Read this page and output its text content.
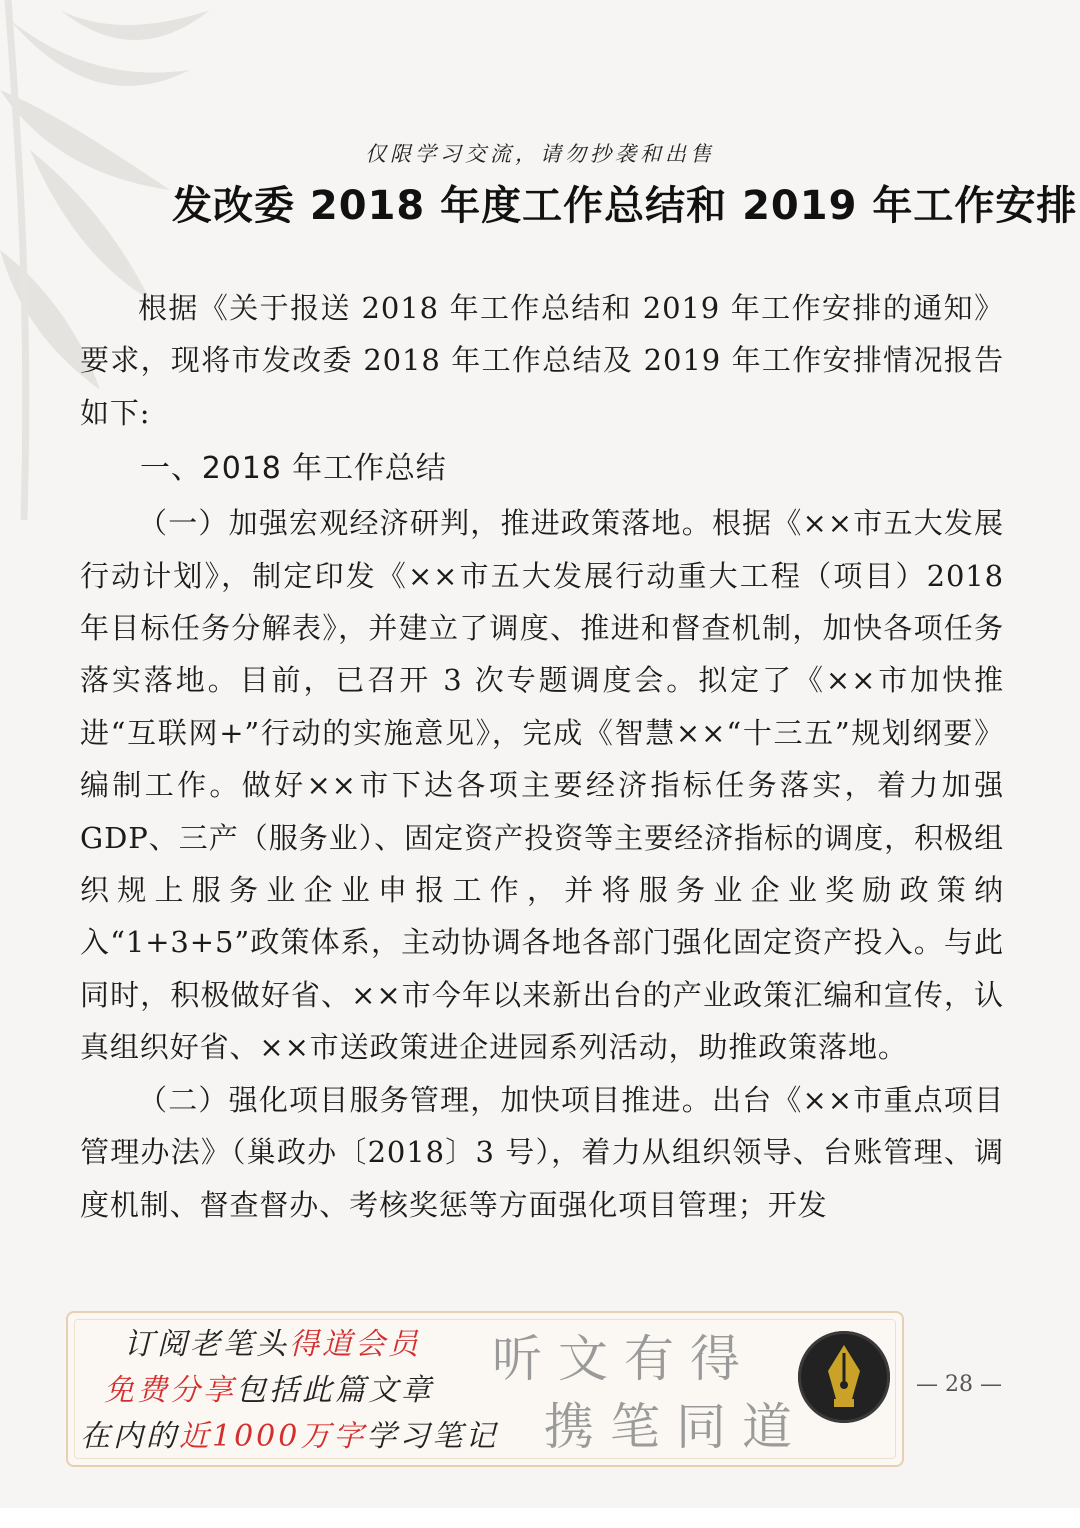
仅限学习交流，请勿抄袭和出售
发改委 2018 年度工作总结和 2019 年工作安排

根据《关于报送 2018 年工作总结和 2019 年工作安排的通知》要求，现将市发改委 2018 年工作总结及 2019 年工作安排情况报告如下:

一、2018 年工作总结

（一）加强宏观经济研判，推进政策落地。根据《××市五大发展行动计划》，制定印发《××市五大发展行动重大工程（项目）2018 年目标任务分解表》，并建立了调度、推进和督查机制，加快各项任务落实落地。目前，已召开 3 次专题调度会。拟定了《××市加快推进“互联网+”行动的实施意见》，完成《智慧××“十三五”规划纲要》编制工作。做好××市下达各项主要经济指标任务落实，着力加强 GDP、三产（服务业）、固定资产投资等主要经济指标的调度，积极组织规上服务业企业申报工作，并将服务业企业奖励政策纳入“1+3+5”政策体系，主动协调各地各部门强化固定资产投入。与此同时，积极做好省、××市今年以来新出台的产业政策汇编和宣传，认真组织好省、××市送政策进企进园系列活动，助推政策落地。

（二）强化项目服务管理，加快项目推进。出台《××市重点项目管理办法》（巢政办〔2018〕3 号），着力从组织领导、台账管理、调度机制、督查督办、考核奖惩等方面强化项目管理；开发

订阅老笔头得道会员
免费分享包括此篇文章
在内的近1000万字学习笔记
听文有得
携笔同道
— 28 —
